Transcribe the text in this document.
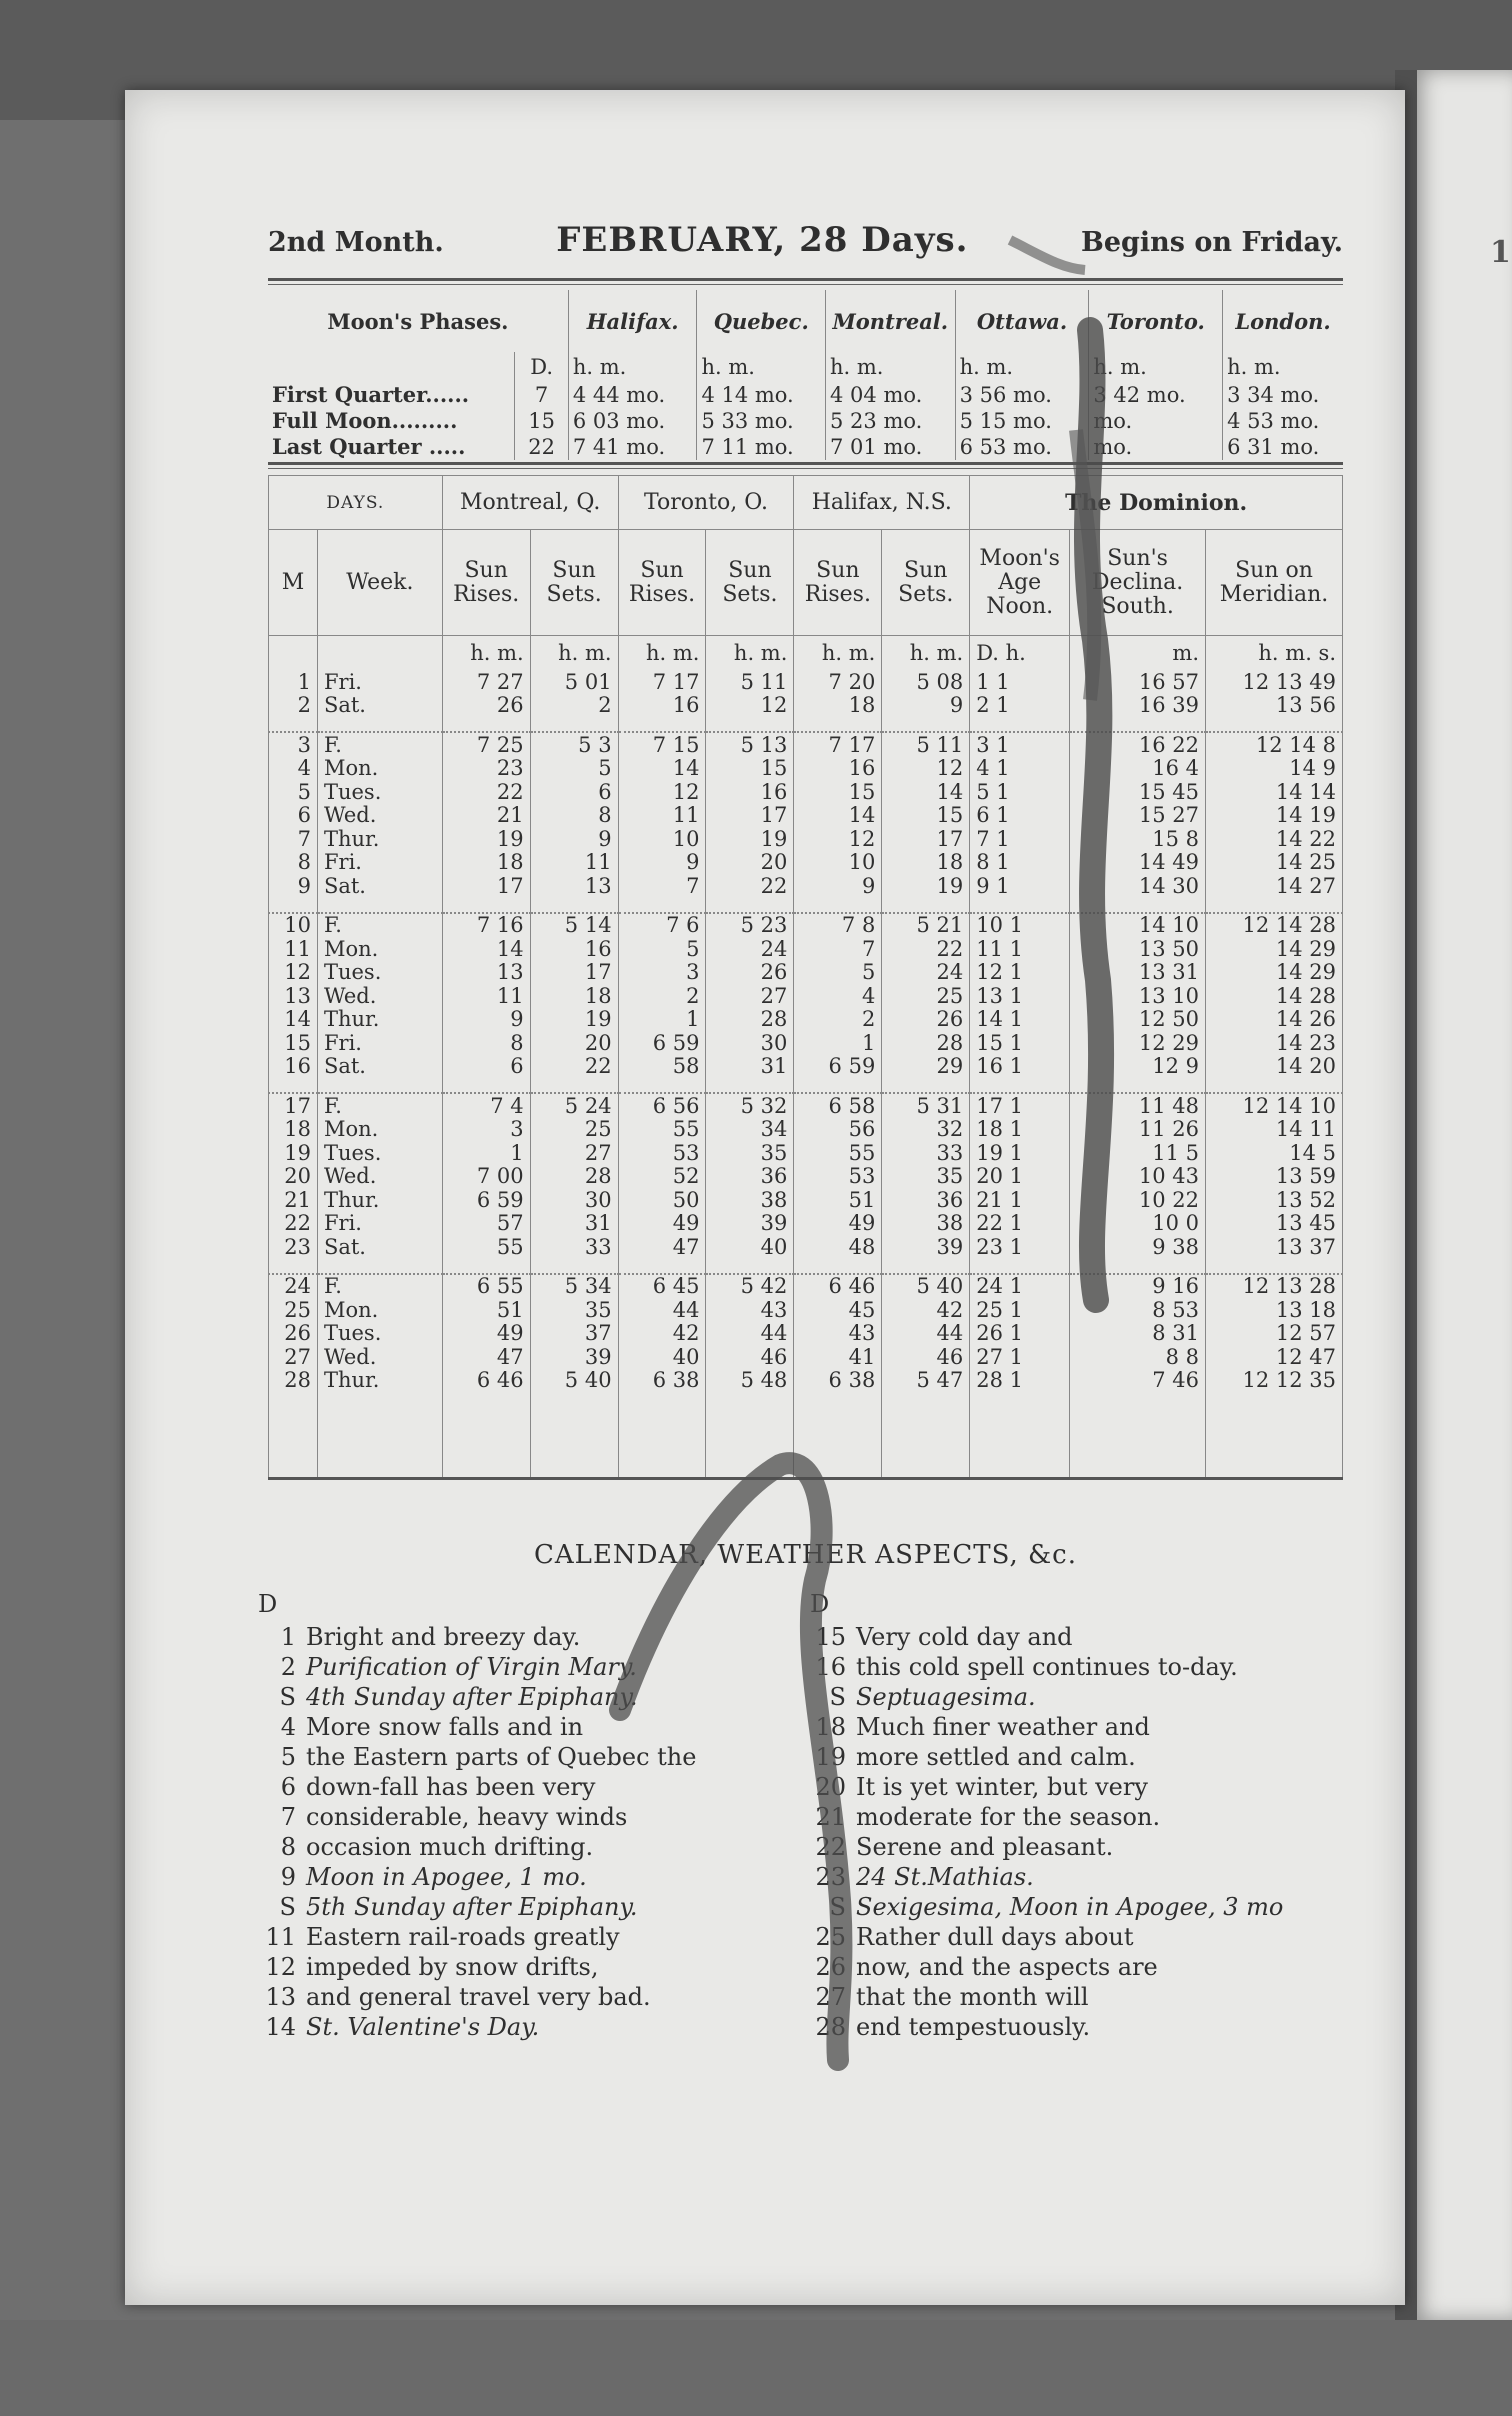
1
2nd Month.	FEBRUARY, 28 Days.	Begins on Friday.
Moon's Phases.		Halifax.	Quebec.	Montreal.	Ottawa.	Toronto.	London.
	D.	h. m.	h. m.	h. m.	h. m.	h. m.	h. m.
First Quarter......	7	4 44 mo.	4 14 mo.	4 04 mo.	3 56 mo.	3 42 mo.	3 34 mo.
Full Moon.........	15	6 03 mo.	5 33 mo.	5 23 mo.	5 15 mo.	mo.	4 53 mo.
Last Quarter .....	22	7 41 mo.	7 11 mo.	7 01 mo.	6 53 mo.	mo.	6 31 mo.
DAYS.		Montreal, Q.		Toronto, O.		Halifax, N.S.		The Dominion.		
M	Week.	Sun Rises.	Sun Sets.	Sun Rises.	Sun Sets.	Sun Rises.	Sun Sets.	Moon's Age Noon.	Sun's Declina. South.	Sun on Meridian.
		h. m.	h. m.	h. m.	h. m.	h. m.	h. m.	D. h.	m.	h. m. s.
1	Fri.	7 27	5 01	7 17	5 11	7 20	5 08	1 1	16 57	12 13 49
2	Sat.	26	2	16	12	18	9	2 1	16 39	13 56

3	F.	7 25	5 3	7 15	5 13	7 17	5 11	3 1	16 22	12 14 8
4	Mon.	23	5	14	15	16	12	4 1	16 4	14 9
5	Tues.	22	6	12	16	15	14	5 1	15 45	14 14
6	Wed.	21	8	11	17	14	15	6 1	15 27	14 19
7	Thur.	19	9	10	19	12	17	7 1	15 8	14 22
8	Fri.	18	11	9	20	10	18	8 1	14 49	14 25
9	Sat.	17	13	7	22	9	19	9 1	14 30	14 27

10	F.	7 16	5 14	7 6	5 23	7 8	5 21	10 1	14 10	12 14 28
11	Mon.	14	16	5	24	7	22	11 1	13 50	14 29
12	Tues.	13	17	3	26	5	24	12 1	13 31	14 29
13	Wed.	11	18	2	27	4	25	13 1	13 10	14 28
14	Thur.	9	19	1	28	2	26	14 1	12 50	14 26
15	Fri.	8	20	6 59	30	1	28	15 1	12 29	14 23
16	Sat.	6	22	58	31	6 59	29	16 1	12 9	14 20

17	F.	7 4	5 24	6 56	5 32	6 58	5 31	17 1	11 48	12 14 10
18	Mon.	3	25	55	34	56	32	18 1	11 26	14 11
19	Tues.	1	27	53	35	55	33	19 1	11 5	14 5
20	Wed.	7 00	28	52	36	53	35	20 1	10 43	13 59
21	Thur.	6 59	30	50	38	51	36	21 1	10 22	13 52
22	Fri.	57	31	49	39	49	38	22 1	10 0	13 45
23	Sat.	55	33	47	40	48	39	23 1	9 38	13 37

24	F.	6 55	5 34	6 45	5 42	6 46	5 40	24 1	9 16	12 13 28
25	Mon.	51	35	44	43	45	42	25 1	8 53	13 18
26	Tues.	49	37	42	44	43	44	26 1	8 31	12 57
27	Wed.	47	39	40	46	41	46	27 1	8 8	12 47
28	Thur.	6 46	5 40	6 38	5 48	6 38	5 47	28 1	7 46	12 12 35

CALENDAR, WEATHER ASPECTS, &c.
D	D
1 Bright and breezy day.
2 Purification of Virgin Mary.
S 4th Sunday after Epiphany.
4 More snow falls and in
5 the Eastern parts of Quebec the
6 down-fall has been very
7 considerable, heavy winds
8 occasion much drifting.
9 Moon in Apogee, 1 mo.
S 5th Sunday after Epiphany.
11 Eastern rail-roads greatly
12 impeded by snow drifts,
13 and general travel very bad.
14 St. Valentine's Day.
15 Very cold day and
16 this cold spell continues to-day.
S Septuagesima.
18 Much finer weather and
19 more settled and calm.
20 It is yet winter, but very
21 moderate for the season.
22 Serene and pleasant.
23 24 St.Mathias.
S Sexigesima, Moon in Apogee, 3 mo
25 Rather dull days about
26 now, and the aspects are
27 that the month will
28 end tempestuously.
